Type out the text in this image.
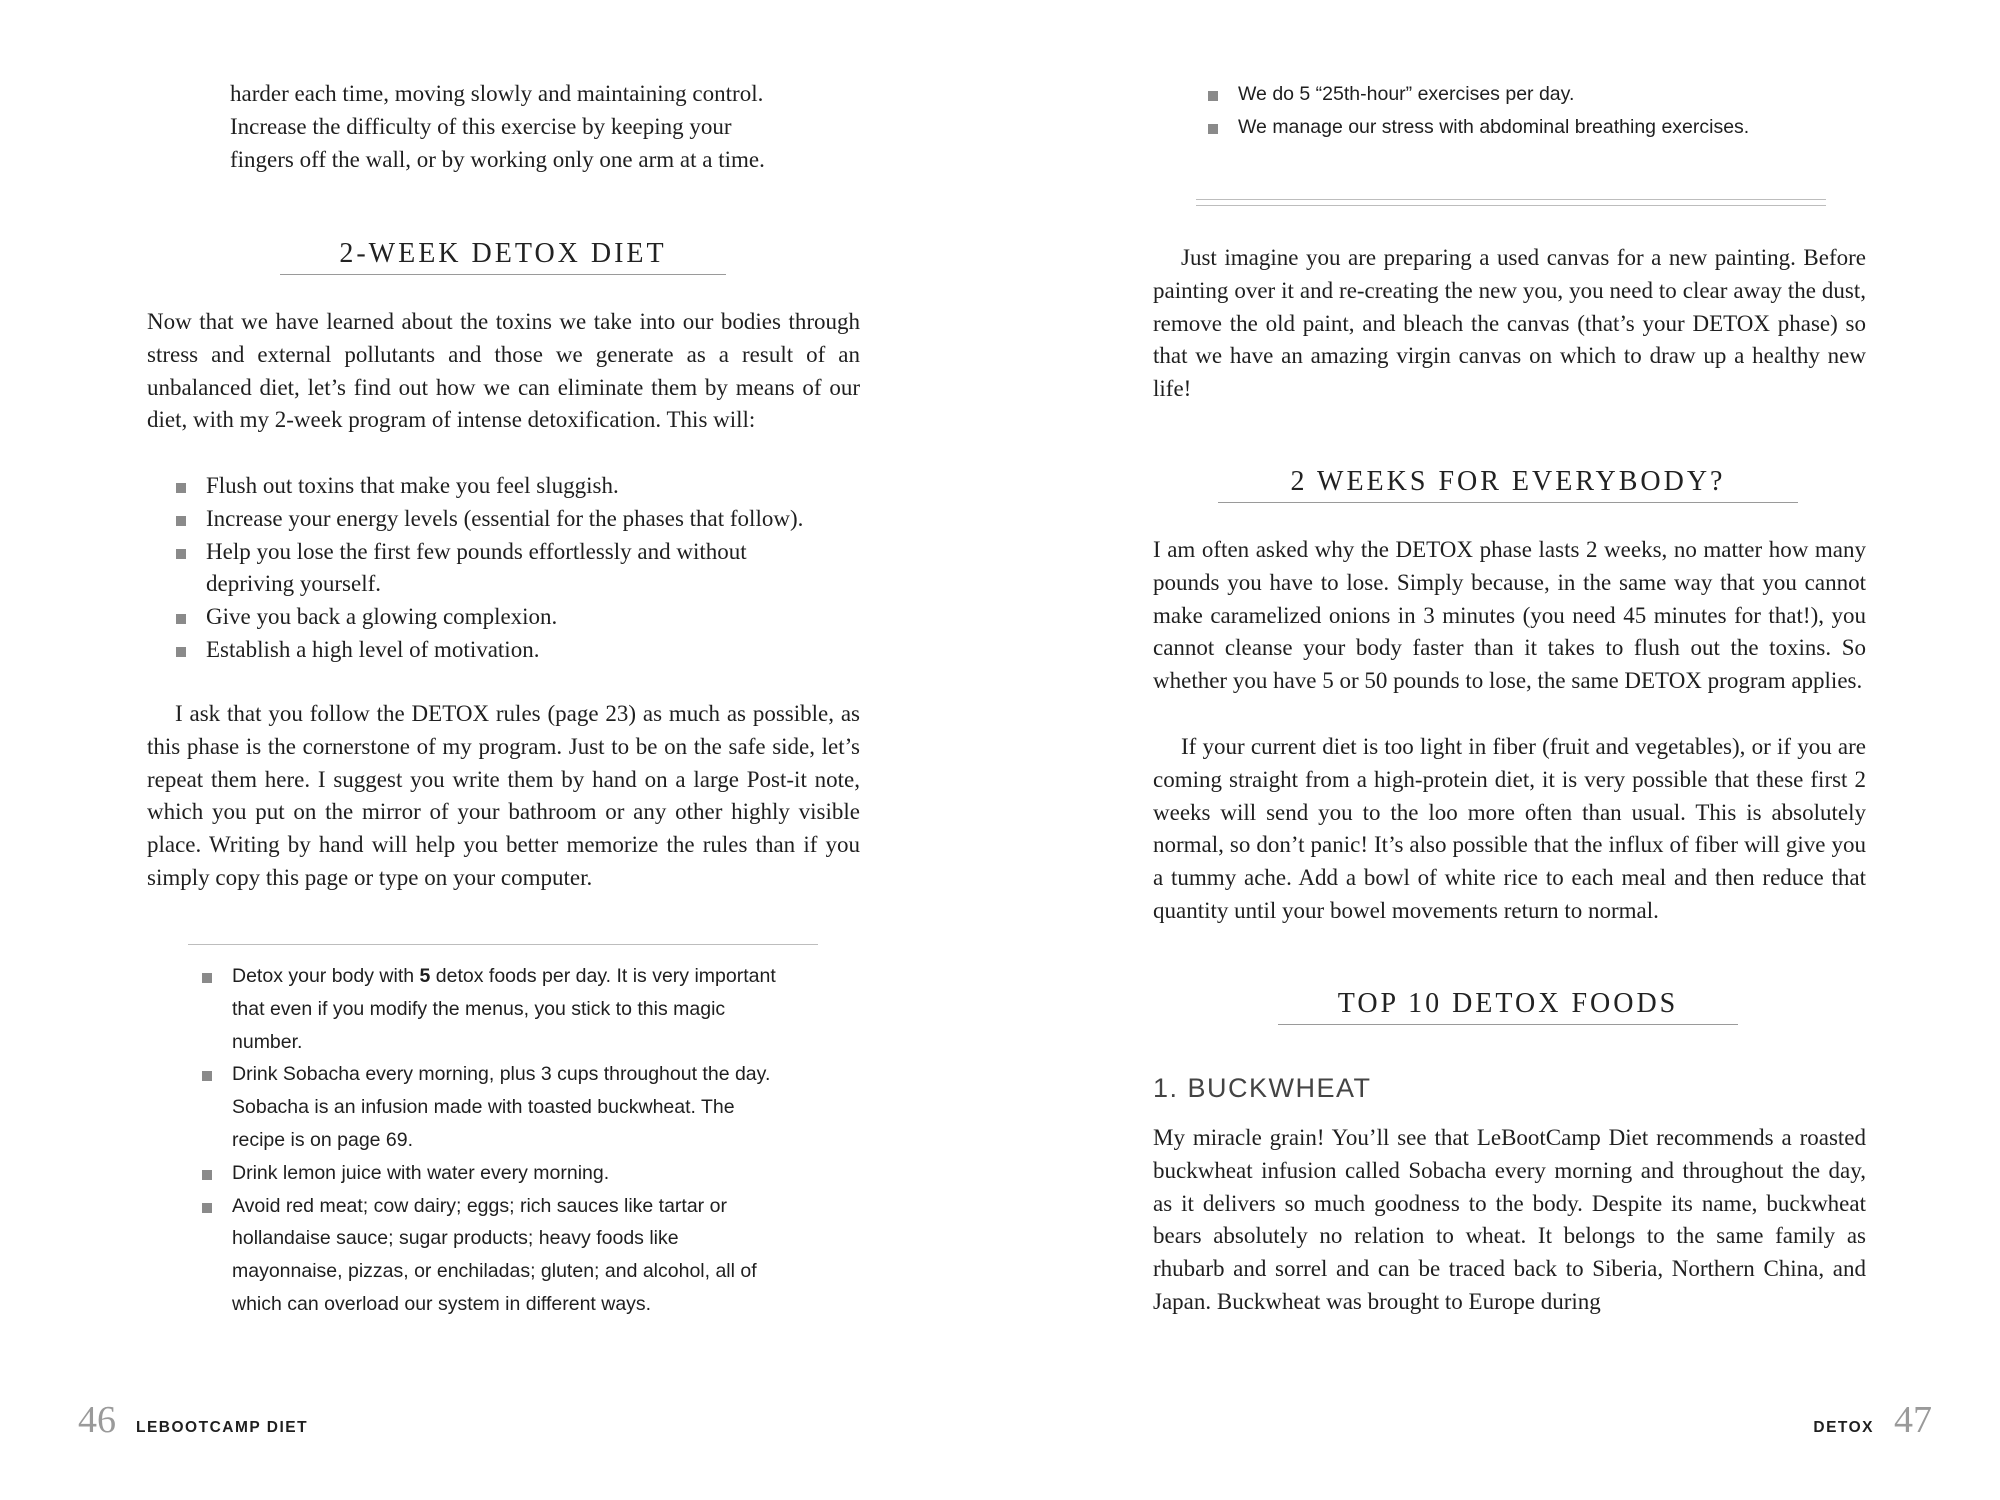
harder each time, moving slowly and maintaining control.
Increase the difficulty of this exercise by keeping your
fingers off the wall, or by working only one arm at a time.
2-WEEK DETOX DIET

Now that we have learned about the toxins we take into our bodies through stress and external pollutants and those we generate as a result of an unbalanced diet, let’s find out how we can eliminate them by means of our diet, with my 2-week program of intense detoxification. This will:

Flush out toxins that make you feel sluggish.
Increase your energy levels (essential for the phases that follow).
Help you lose the first few pounds effortlessly and without depriving yourself.
Give you back a glowing complexion.
Establish a high level of motivation.

I ask that you follow the DETOX rules (page 23) as much as possible, as this phase is the cornerstone of my program. Just to be on the safe side, let’s repeat them here. I suggest you write them by hand on a large Post-it note, which you put on the mirror of your bathroom or any other highly visible place. Writing by hand will help you better memorize the rules than if you simply copy this page or type on your computer.

Detox your body with 5 detox foods per day. It is very important that even if you modify the menus, you stick to this magic number.
Drink Sobacha every morning, plus 3 cups throughout the day. Sobacha is an infusion made with toasted buckwheat. The recipe is on page 69.
Drink lemon juice with water every morning.
Avoid red meat; cow dairy; eggs; rich sauces like tartar or hollandaise sauce; sugar products; heavy foods like mayonnaise, pizzas, or enchiladas; gluten; and alcohol, all of which can overload our system in different ways.
46 LEBOOTCAMP DIET
We do 5 “25th-hour” exercises per day.
We manage our stress with abdominal breathing exercises.

Just imagine you are preparing a used canvas for a new painting. Before painting over it and re-creating the new you, you need to clear away the dust, remove the old paint, and bleach the canvas (that’s your DETOX phase) so that we have an amazing virgin canvas on which to draw up a healthy new life!

2 WEEKS FOR EVERYBODY?

I am often asked why the DETOX phase lasts 2 weeks, no matter how many pounds you have to lose. Simply because, in the same way that you cannot make caramelized onions in 3 minutes (you need 45 minutes for that!), you cannot cleanse your body faster than it takes to flush out the toxins. So whether you have 5 or 50 pounds to lose, the same DETOX program applies.

If your current diet is too light in fiber (fruit and vegetables), or if you are coming straight from a high-protein diet, it is very possible that these first 2 weeks will send you to the loo more often than usual. This is absolutely normal, so don’t panic! It’s also possible that the influx of fiber will give you a tummy ache. Add a bowl of white rice to each meal and then reduce that quantity until your bowel movements return to normal.

TOP 10 DETOX FOODS
1. BUCKWHEAT

My miracle grain! You’ll see that LeBootCamp Diet recommends a roasted buckwheat infusion called Sobacha every morning and throughout the day, as it delivers so much goodness to the body. Despite its name, buckwheat bears absolutely no relation to wheat. It belongs to the same family as rhubarb and sorrel and can be traced back to Siberia, Northern China, and Japan. Buckwheat was brought to Europe during

DETOX 47
